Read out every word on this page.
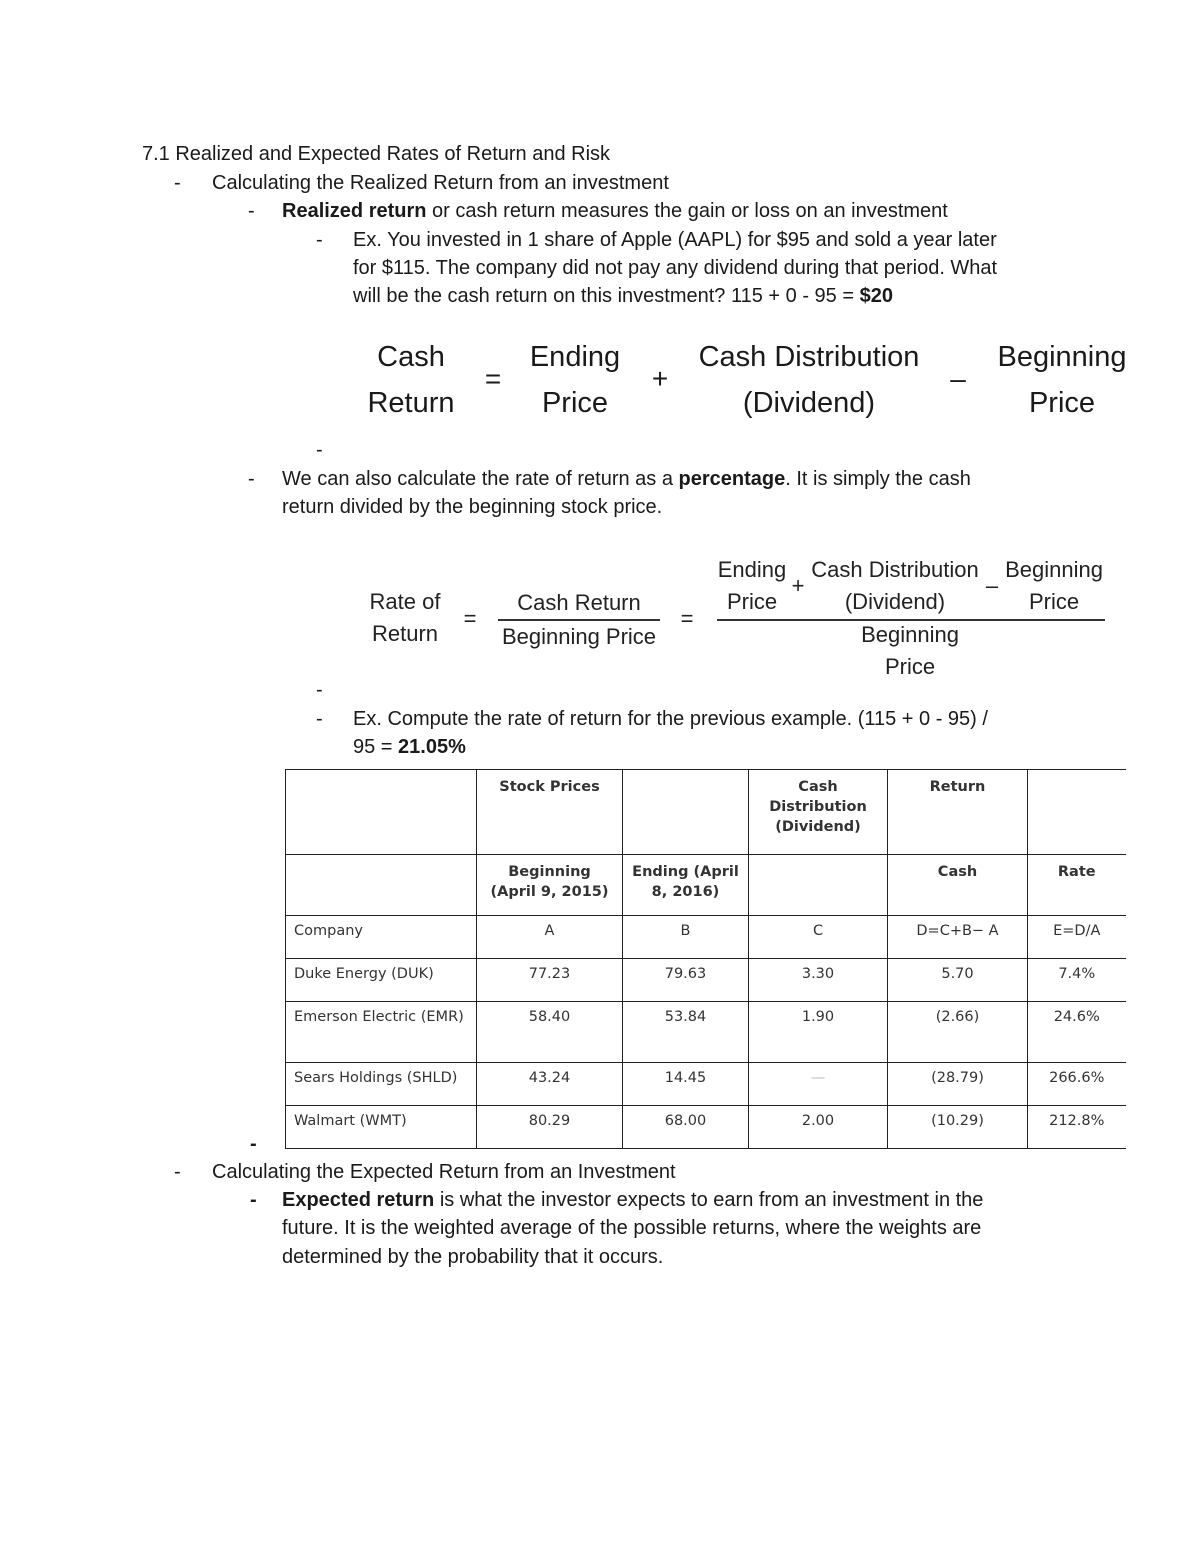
7.1 Realized and Expected Rates of Return and Risk
- Calculating the Realized Return from an investment
- Realized return or cash return measures the gain or loss on an investment
- Ex. You invested in 1 share of Apple (AAPL) for $95 and sold a year later
for $115. The company did not pay any dividend during that period. What
will be the cash return on this investment? 115 + 0 - 95 = $20
Cash
Return
=
Ending
Price
+
Cash Distribution
(Dividend)
–
Beginning
Price
-
- We can also calculate the rate of return as a percentage. It is simply the cash
return divided by the beginning stock price.
Rate of
Return
=
Cash Return
Beginning Price
=
Ending
Price
+
Cash Distribution
(Dividend)
–
Beginning
Price
Beginning
Price
-
- Ex. Compute the rate of return for the previous example. (115 + 0 - 95) /
95 = 21.05%
	Stock Prices		Cash Distribution (Dividend)	Return	
	Beginning (April 9, 2015)	Ending (April 8, 2016)		Cash	Rate
Company	A	B	C	D=C+B− A	E=D/A
Duke Energy (DUK)	77.23	79.63	3.30	5.70	7.4%
Emerson Electric (EMR)	58.40	53.84	1.90	(2.66)	24.6%
Sears Holdings (SHLD)	43.24	14.45	—	(28.79)	266.6%
Walmart (WMT)	80.29	68.00	2.00	(10.29)	212.8%
-
- Calculating the Expected Return from an Investment
- Expected return is what the investor expects to earn from an investment in the
future. It is the weighted average of the possible returns, where the weights are
determined by the probability that it occurs.
